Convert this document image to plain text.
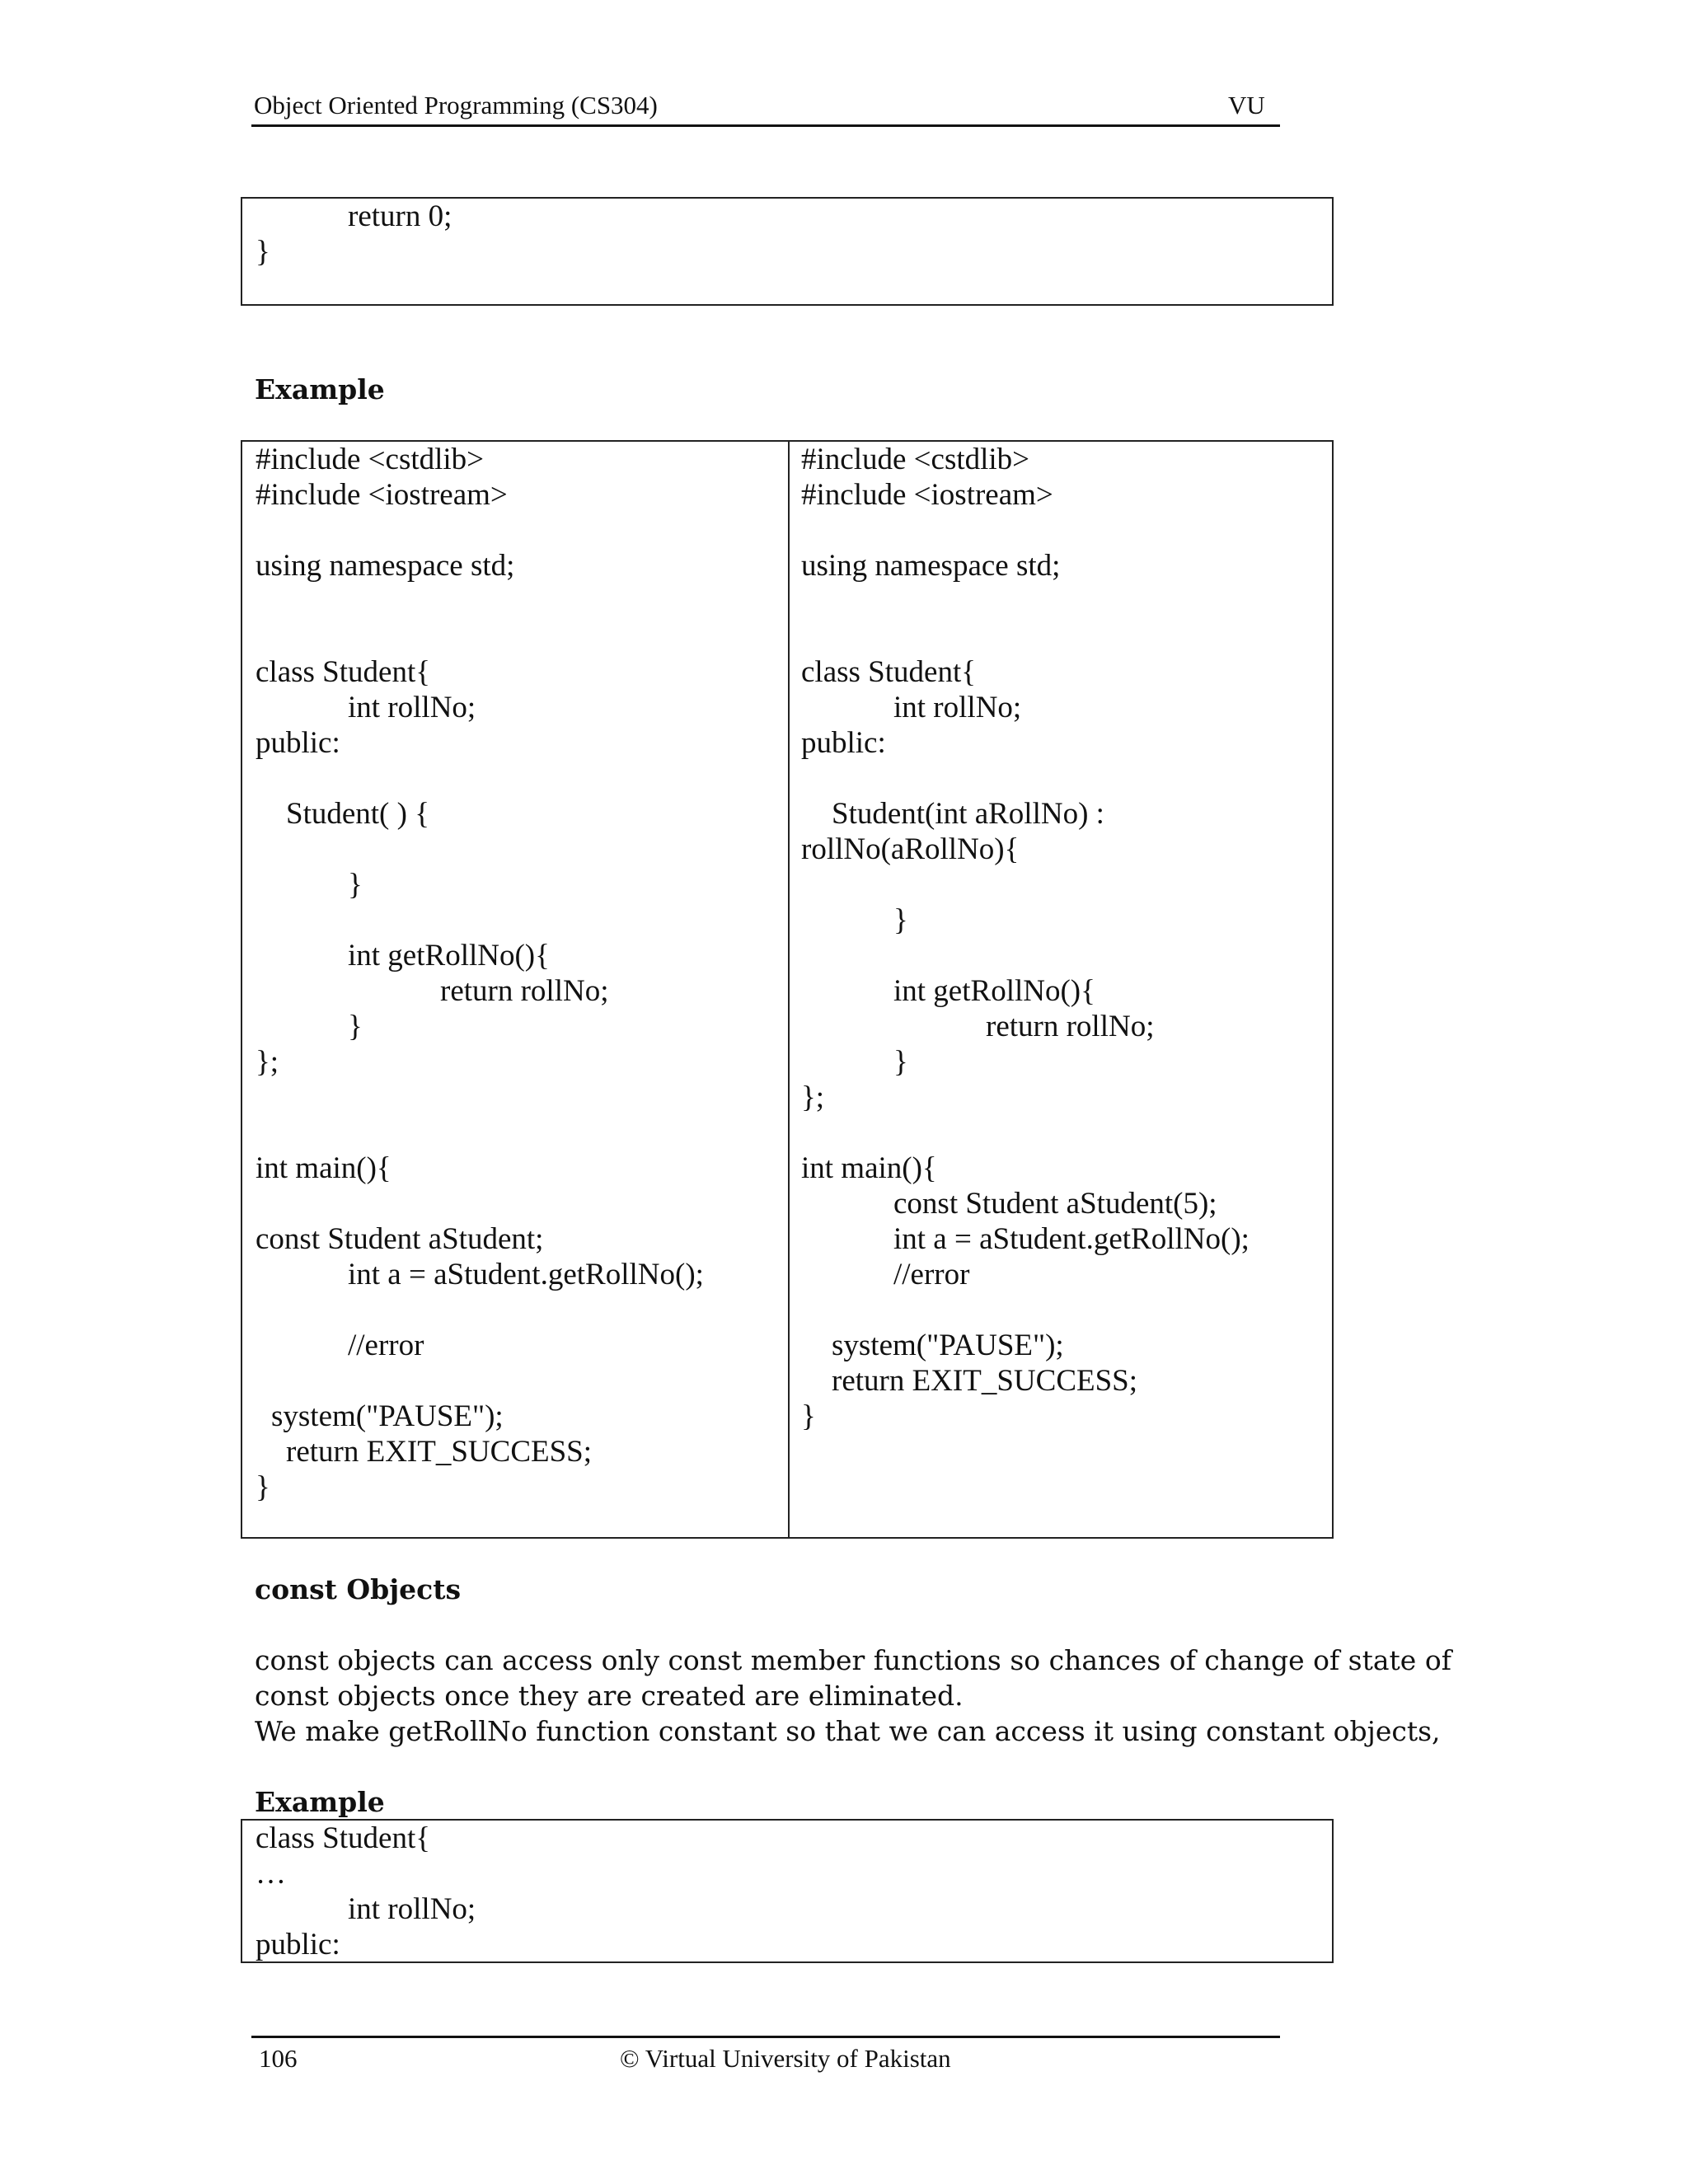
Object Oriented Programming (CS304)	VU
return 0;
}
Example
#include <cstdlib>
#include <iostream>
using namespace std;
class Student{
int rollNo;
public:
Student( ) {
}
int getRollNo(){
return rollNo;
}
};
int main(){
const Student aStudent;
int a = aStudent.getRollNo();
//error
system("PAUSE");
return EXIT_SUCCESS;
}
#include <cstdlib>
#include <iostream>
using namespace std;
class Student{
int rollNo;
public:
Student(int aRollNo) :
rollNo(aRollNo){
}
int getRollNo(){
return rollNo;
}
};
int main(){
const Student aStudent(5);
int a = aStudent.getRollNo();
//error
system("PAUSE");
return EXIT_SUCCESS;
}
const Objects
const objects can access only const member functions so chances of change of state of
const objects once they are created are eliminated.
We make getRollNo function constant so that we can access it using constant objects,
Example
class Student{
…
int rollNo;
public:
106	© Virtual University of Pakistan
